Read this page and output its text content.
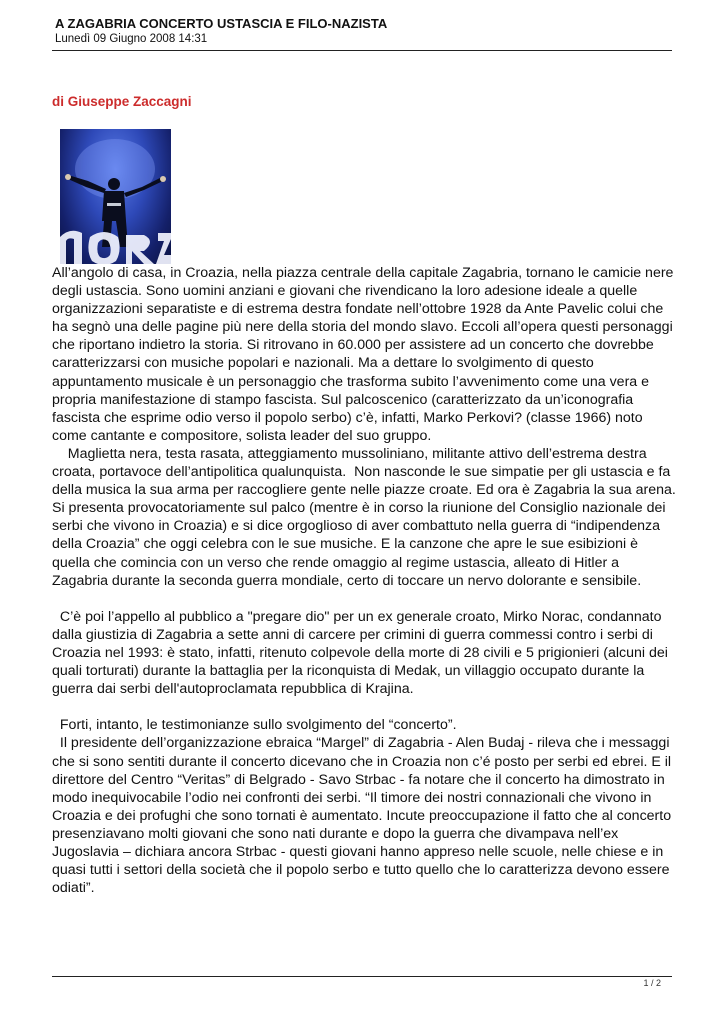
A ZAGABRIA CONCERTO USTASCIA E FILO-NAZISTA
Lunedì 09 Giugno 2008 14:31
di Giuseppe Zaccagni

All’angolo di casa, in Croazia, nella piazza centrale della capitale Zagabria, tornano le camicie nere degli ustascia. Sono uomini anziani e giovani che rivendicano la loro adesione ideale a quelle organizzazioni separatiste e di estrema destra fondate nell’ottobre 1928 da Ante Pavelic colui che ha segnò una delle pagine più nere della storia del mondo slavo. Eccoli all’opera questi personaggi che riportano indietro la storia. Si ritrovano in 60.000 per assistere ad un concerto che dovrebbe caratterizzarsi con musiche popolari e nazionali. Ma a dettare lo svolgimento di questo appuntamento musicale è un personaggio che trasforma subito l’avvenimento come una vera e propria manifestazione di stampo fascista. Sul palcoscenico (caratterizzato da un’iconografia fascista che esprime odio verso il popolo serbo) c’è, infatti, Marko Perkovi? (classe 1966) noto come cantante e compositore, solista leader del suo gruppo.

Maglietta nera, testa rasata, atteggiamento mussoliniano, militante attivo dell’estrema destra croata, portavoce dell’antipolitica qualunquista.  Non nasconde le sue simpatie per gli ustascia e fa della musica la sua arma per raccogliere gente nelle piazze croate. Ed ora è Zagabria la sua arena. Si presenta provocatoriamente sul palco (mentre è in corso la riunione del Consiglio nazionale dei serbi che vivono in Croazia) e si dice orgoglioso di aver combattuto nella guerra di “indipendenza della Croazia” che oggi celebra con le sue musiche. E la canzone che apre le sue esibizioni è quella che comincia con un verso che rende omaggio al regime ustascia, alleato di Hitler a Zagabria durante la seconda guerra mondiale, certo di toccare un nervo dolorante e sensibile.

C’è poi l’appello al pubblico a "pregare dio" per un ex generale croato, Mirko Norac, condannato dalla giustizia di Zagabria a sette anni di carcere per crimini di guerra commessi contro i serbi di Croazia nel 1993: è stato, infatti, ritenuto colpevole della morte di 28 civili e 5 prigionieri (alcuni dei quali torturati) durante la battaglia per la riconquista di Medak, un villaggio occupato durante la guerra dai serbi dell'autoproclamata repubblica di Krajina.

Forti, intanto, le testimonianze sullo svolgimento del “concerto”.

Il presidente dell’organizzazione ebraica “Margel” di Zagabria - Alen Budaj - rileva che i messaggi che si sono sentiti durante il concerto dicevano che in Croazia non c’é posto per serbi ed ebrei. E il direttore del Centro “Veritas” di Belgrado - Savo Strbac - fa notare che il concerto ha dimostrato in modo inequivocabile l’odio nei confronti dei serbi. “Il timore dei nostri connazionali che vivono in Croazia e dei profughi che sono tornati è aumentato. Incute preoccupazione il fatto che al concerto presenziavano molti giovani che sono nati durante e dopo la guerra che divampava nell’ex Jugoslavia – dichiara ancora Strbac - questi giovani hanno appreso nelle scuole, nelle chiese e in quasi tutti i settori della società che il popolo serbo e tutto quello che lo caratterizza devono essere odiati”.

1 / 2
